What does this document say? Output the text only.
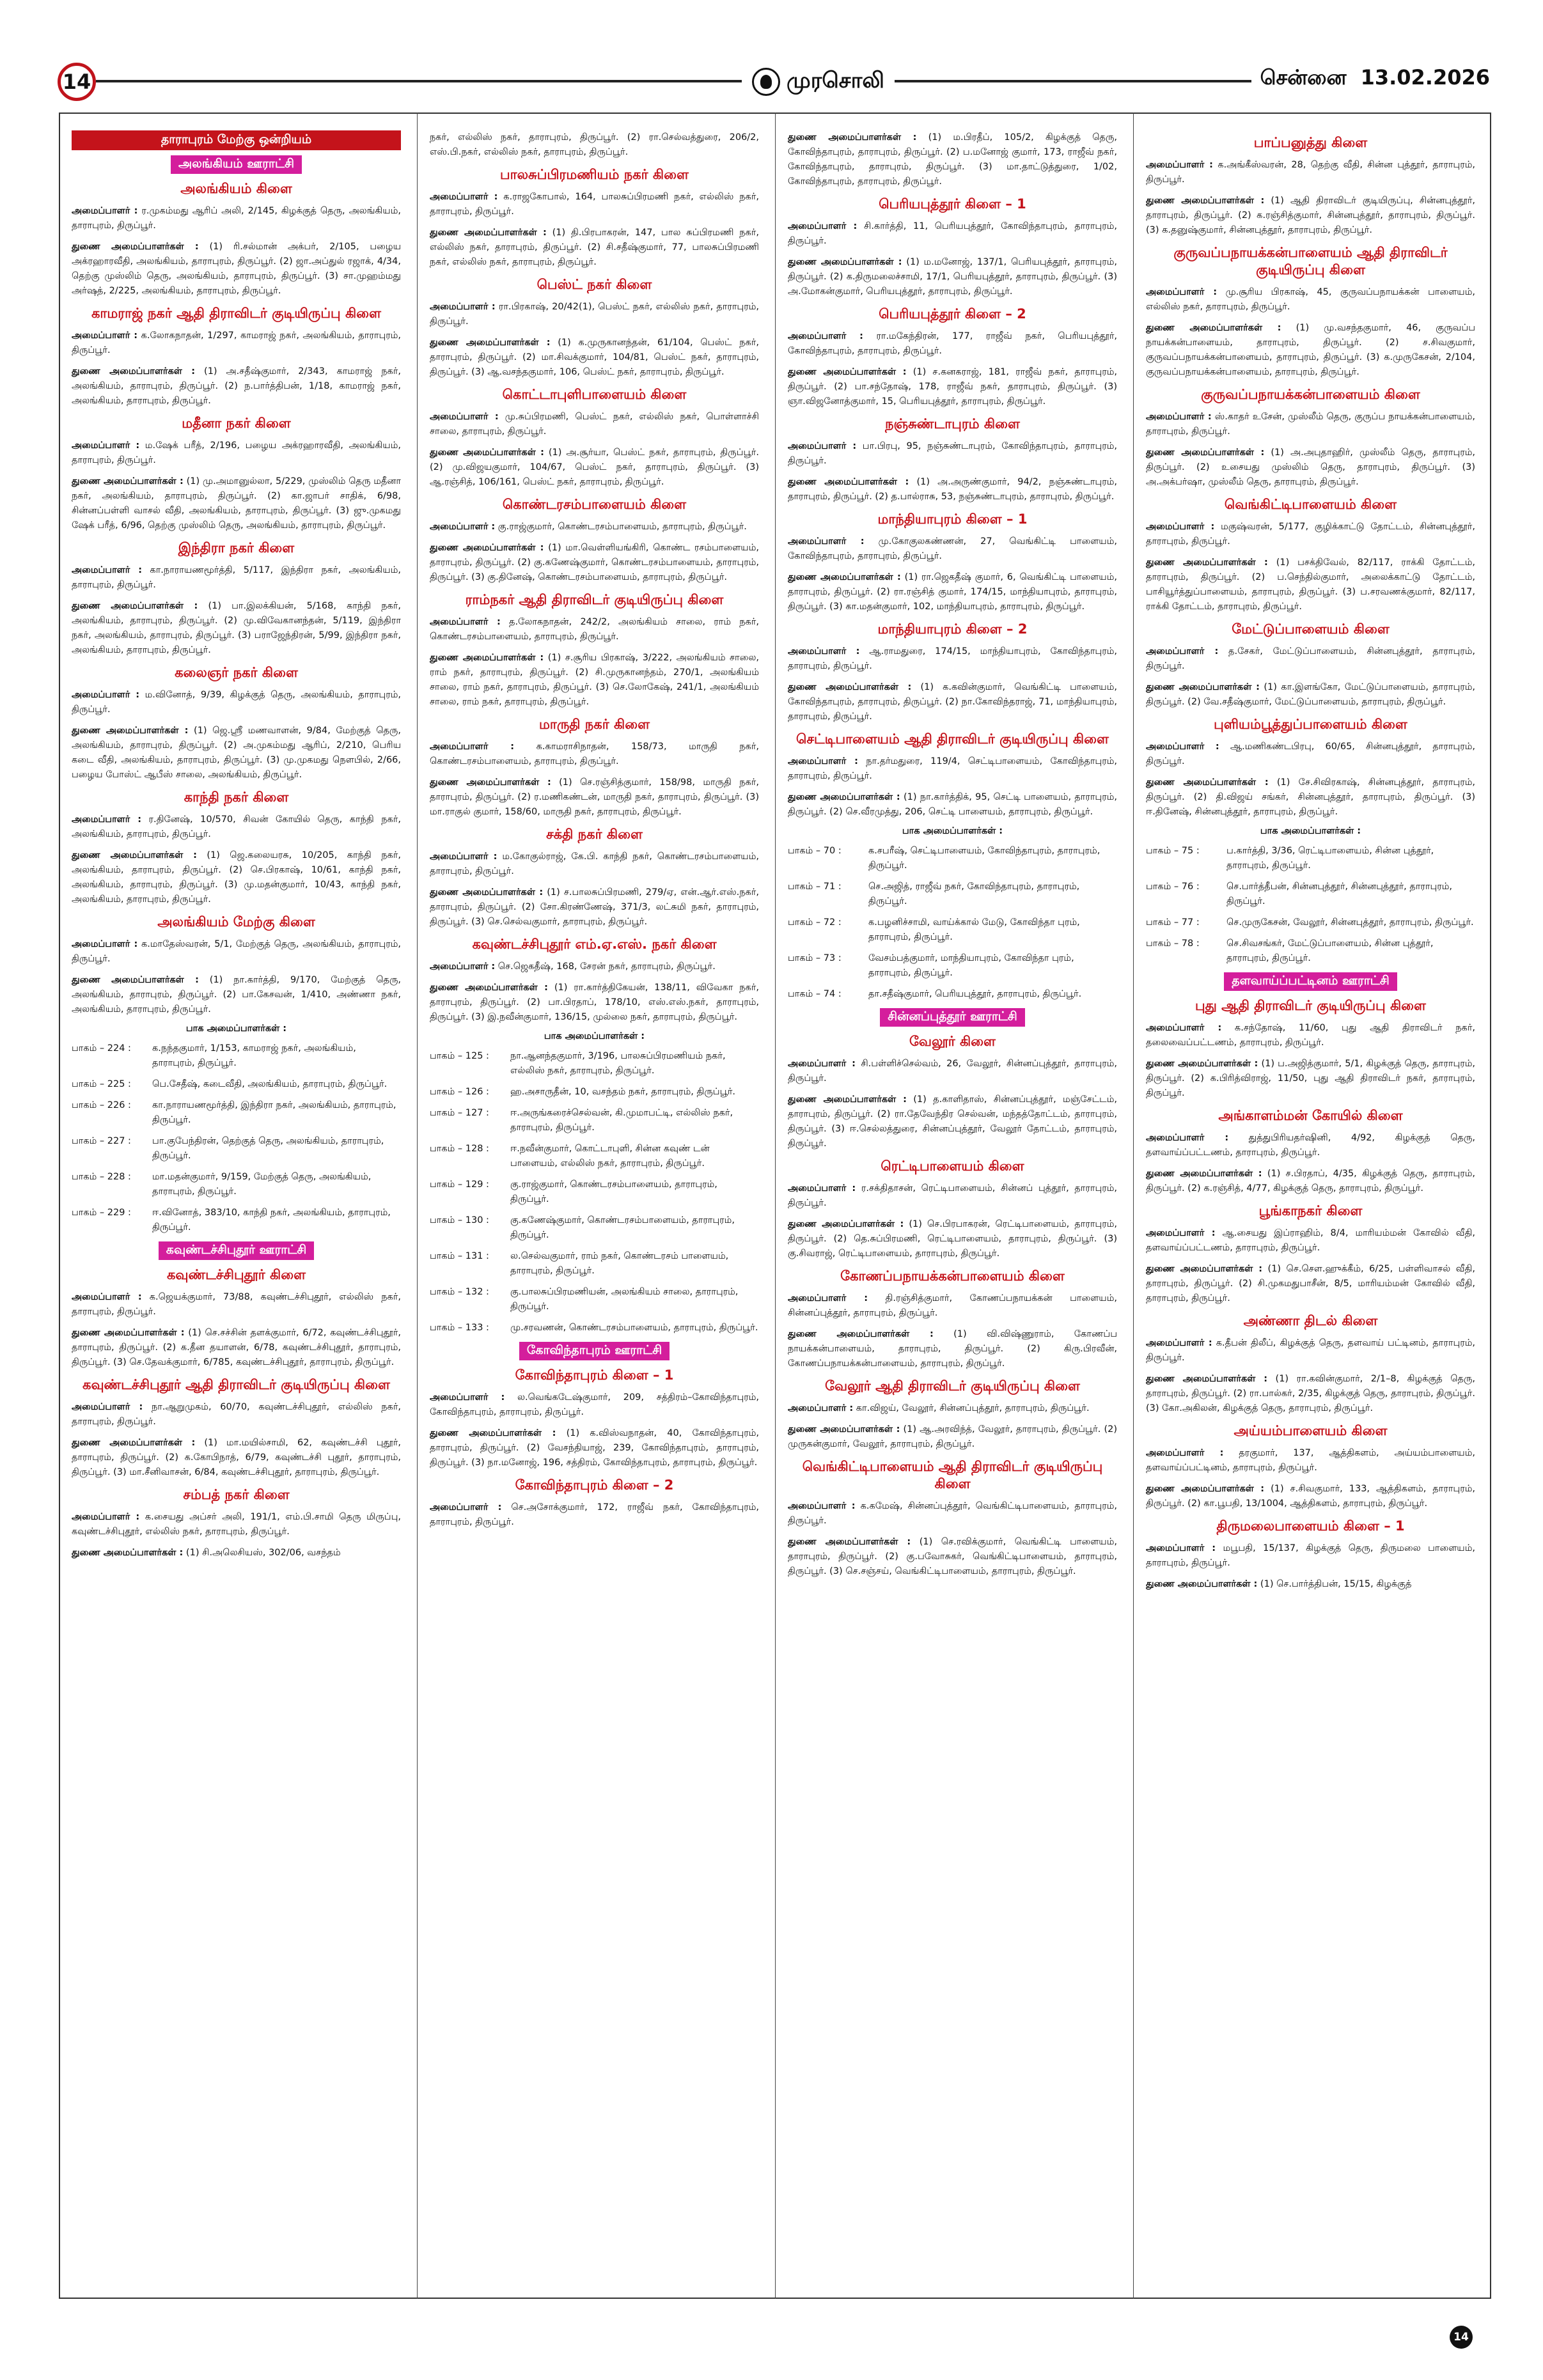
14	முரசொலி	சென்னை 13.02.2026
தாராபுரம் மேற்கு ஒன்றியம்
அலங்கியம் ஊராட்சி
அலங்கியம் கிளை

அமைப்பாளர் : ர.முகம்மது ஆரிப் அலி, 2/145, கிழக்குத் தெரு, அலங்கியம், தாராபுரம், திருப்பூர்.

துணை அமைப்பாளர்கள் : (1) ரி.சல்மான் அக்பர், 2/105, பழைய அக்ரஹாரவீதி, அலங்கியம், தாராபுரம், திருப்பூர். (2) ஜா.அப்துல் ரஜாக், 4/34, தெற்கு முஸ்லிம் தெரு, அலங்கியம், தாராபுரம், திருப்பூர். (3) சா.முஹம்மது அர்ஷத், 2/225, அலங்கியம், தாராபுரம், திருப்பூர்.

காமராஜ் நகர் ஆதி திராவிடர் குடியிருப்பு கிளை

அமைப்பாளர் : க.லோகநாதன், 1/297, காமராஜ் நகர், அலங்கியம், தாராபுரம், திருப்பூர்.

துணை அமைப்பாளர்கள் : (1) அ.சதீஷ்குமார், 2/343, காமராஜ் நகர், அலங்கியம், தாராபுரம், திருப்பூர். (2) ந.பார்த்திபன், 1/18, காமராஜ் நகர், அலங்கியம், தாராபுரம், திருப்பூர்.

மதீனா நகர் கிளை

அமைப்பாளர் : ம.ஷேக் பரீத், 2/196, பழைய அக்ரஹாரவீதி, அலங்கியம், தாராபுரம், திருப்பூர்.

துணை அமைப்பாளர்கள் : (1) மு.அமானுல்லா, 5/229, முஸ்லிம் தெரு மதீனா நகர், அலங்கியம், தாராபுரம், திருப்பூர். (2) கா.ஜாபர் சாதிக், 6/98, சின்னப்பள்ளி வாசல் வீதி, அலங்கியம், தாராபுரம், திருப்பூர். (3) ஜு.முகமது ஷேக் பரீத், 6/96, தெற்கு முஸ்லிம் தெரு, அலங்கியம், தாராபுரம், திருப்பூர்.

இந்திரா நகர் கிளை

அமைப்பாளர் : கா.நாராயணமூர்த்தி, 5/117, இந்திரா நகர், அலங்கியம், தாராபுரம், திருப்பூர்.

துணை அமைப்பாளர்கள் : (1) பா.இலக்கியன், 5/168, காந்தி நகர், அலங்கியம், தாராபுரம், திருப்பூர். (2) மு.விவேகானந்தன், 5/119, இந்திரா நகர், அலங்கியம், தாராபுரம், திருப்பூர். (3) பராஜேந்திரன், 5/99, இந்திரா நகர், அலங்கியம், தாராபுரம், திருப்பூர்.

கலைஞர் நகர் கிளை

அமைப்பாளர் : ம.வினோத், 9/39, கிழக்குத் தெரு, அலங்கியம், தாராபுரம், திருப்பூர்.

துணை அமைப்பாளர்கள் : (1) ஜெ.ஸ்ரீ மணவாளன், 9/84, மேற்குத் தெரு, அலங்கியம், தாராபுரம், திருப்பூர். (2) அ.முகம்மது ஆரிப், 2/210, பெரிய கடை வீதி, அலங்கியம், தாராபுரம், திருப்பூர். (3) மு.முகமது நௌபில், 2/66, பழைய போஸ்ட் ஆபீஸ் சாலை, அலங்கியம், திருப்பூர்.

காந்தி நகர் கிளை

அமைப்பாளர் : ர.தினேஷ், 10/570, சிவன் கோயில் தெரு, காந்தி நகர், அலங்கியம், தாராபுரம், திருப்பூர்.

துணை அமைப்பாளர்கள் : (1) ஜெ.கலையரசு, 10/205, காந்தி நகர், அலங்கியம், தாராபுரம், திருப்பூர். (2) செ.பிரகாஷ், 10/61, காந்தி நகர், அலங்கியம், தாராபுரம், திருப்பூர். (3) மு.மதன்குமார், 10/43, காந்தி நகர், அலங்கியம், தாராபுரம், திருப்பூர்.

அலங்கியம் மேற்கு கிளை

அமைப்பாளர் : க.மாதேஸ்வரன், 5/1, மேற்குத் தெரு, அலங்கியம், தாராபுரம், திருப்பூர்.

துணை அமைப்பாளர்கள் : (1) நா.கார்த்தி, 9/170, மேற்குத் தெரு, அலங்கியம், தாராபுரம், திருப்பூர். (2) பா.கேசவன், 1/410, அண்ணா நகர், அலங்கியம், தாராபுரம், திருப்பூர்.

பாக அமைப்பாளர்கள் :
பாகம் – 224 :	க.நந்தகுமார், 1/153, காமராஜ் நகர், அலங்கியம், தாராபுரம், திருப்பூர்.
பாகம் – 225 :	பெ.சேதீஷ், கடைவீதி, அலங்கியம், தாராபுரம், திருப்பூர்.
பாகம் – 226 :	கா.நாராயணமூர்த்தி, இந்திரா நகர், அலங்கியம், தாராபுரம், திருப்பூர்.
பாகம் – 227 :	பா.குபேந்திரன், தெற்குத் தெரு, அலங்கியம், தாராபுரம், திருப்பூர்.
பாகம் – 228 :	மா.மதன்குமார், 9/159, மேற்குத் தெரு, அலங்கியம், தாராபுரம், திருப்பூர்.
பாகம் – 229 :	ஈ.வினோத், 383/10, காந்தி நகர், அலங்கியம், தாராபுரம், திருப்பூர்.
கவுண்டச்சிபுதூர் ஊராட்சி
கவுண்டச்சிபுதூர் கிளை

அமைப்பாளர் : க.ஜெயக்குமார், 73/88, கவுண்டச்சிபுதூர், எல்லிஸ் நகர், தாராபுரம், திருப்பூர்.

துணை அமைப்பாளர்கள் : (1) செ.சச்சின் தளக்குமார், 6/72, கவுண்டச்சிபுதூர், தாராபுரம், திருப்பூர். (2) க.தீன தயாளன், 6/78, கவுண்டச்சிபுதூர், தாராபுரம், திருப்பூர். (3) செ.தேவக்குமார், 6/785, கவுண்டச்சிபுதூர், தாராபுரம், திருப்பூர்.

கவுண்டச்சிபுதூர் ஆதி திராவிடர் குடியிருப்பு கிளை

அமைப்பாளர் : நா.ஆறுமுகம், 60/70, கவுண்டச்சிபுதூர், எல்லிஸ் நகர், தாராபுரம், திருப்பூர்.

துணை அமைப்பாளர்கள் : (1) மா.மயில்சாமி, 62, கவுண்டச்சி புதூர், தாராபுரம், திருப்பூர். (2) க.கோபிநாத், 6/79, கவுண்டச்சி புதூர், தாராபுரம், திருப்பூர். (3) மா.சீனிவாசன், 6/84, கவுண்டச்சிபுதூர், தாராபுரம், திருப்பூர்.

சம்பத் நகர் கிளை

அமைப்பாளர் : க.சையது அப்சர் அலி, 191/1, எம்.பி.சாமி தெரு மிருப்பு, கவுண்டச்சிபுதூர், எல்லிஸ் நகர், தாராபுரம், திருப்பூர்.

துணை அமைப்பாளர்கள் : (1) சி.அலெசியஸ், 302/06, வசந்தம்

நகர், எல்லிஸ் நகர், தாராபுரம், திருப்பூர். (2) ரா.செல்வத்துரை, 206/2, எஸ்.பி.நகர், எல்லிஸ் நகர், தாராபுரம், திருப்பூர்.

பாலசுப்பிரமணியம் நகர் கிளை

அமைப்பாளர் : க.ராஜகோபால், 164, பாலசுப்பிரமணி நகர், எல்லிஸ் நகர், தாராபுரம், திருப்பூர்.

துணை அமைப்பாளர்கள் : (1) தி.பிரபாகரன், 147, பால சுப்பிரமணி நகர், எல்லிஸ் நகர், தாராபுரம், திருப்பூர். (2) சி.சதீஷ்குமார், 77, பாலசுப்பிரமணி நகர், எல்லிஸ் நகர், தாராபுரம், திருப்பூர்.

பெஸ்ட் நகர் கிளை

அமைப்பாளர் : ரா.பிரகாஷ், 20/42(1), பெஸ்ட் நகர், எல்லிஸ் நகர், தாராபுரம், திருப்பூர்.

துணை அமைப்பாளர்கள் : (1) க.முருகானந்தன், 61/104, பெஸ்ட் நகர், தாராபுரம், திருப்பூர். (2) மா.சிவக்குமார், 104/81, பெஸ்ட் நகர், தாராபுரம், திருப்பூர். (3) ஆ.வசந்தகுமார், 106, பெஸ்ட் நகர், தாராபுரம், திருப்பூர்.

கொட்டாபுளிபாளையம் கிளை

அமைப்பாளர் : மு.சுப்பிரமணி, பெஸ்ட் நகர், எல்லிஸ் நகர், பொள்ளாச்சி சாலை, தாராபுரம், திருப்பூர்.

துணை அமைப்பாளர்கள் : (1) அ.சூர்யா, பெஸ்ட் நகர், தாராபுரம், திருப்பூர். (2) மு.விஜயகுமார், 104/67, பெஸ்ட் நகர், தாராபுரம், திருப்பூர். (3) ஆ.ரஞ்சித், 106/161, பெஸ்ட் நகர், தாராபுரம், திருப்பூர்.

கொண்டரசம்பாளையம் கிளை

அமைப்பாளர் : கு.ராஜ்குமார், கொண்டரசம்பாளையம், தாராபுரம், திருப்பூர்.

துணை அமைப்பாளர்கள் : (1) மா.வெள்ளியங்கிரி, கொண்ட ரசம்பாளையம், தாராபுரம், திருப்பூர். (2) கு.கணேஷ்குமார், கொண்டரசம்பாளையம், தாராபுரம், திருப்பூர். (3) கு.தினேஷ், கொண்டரசம்பாளையம், தாராபுரம், திருப்பூர்.

ராம்நகர் ஆதி திராவிடர் குடியிருப்பு கிளை

அமைப்பாளர் : த.லோகநாதன், 242/2, அலங்கியம் சாலை, ராம் நகர், கொண்டரசம்பாளையம், தாராபுரம், திருப்பூர்.

துணை அமைப்பாளர்கள் : (1) ச.சூரிய பிரகாஷ், 3/222, அலங்கியம் சாலை, ராம் நகர், தாராபுரம், திருப்பூர். (2) சி.முருகானந்தம், 270/1, அலங்கியம் சாலை, ராம் நகர், தாராபுரம், திருப்பூர். (3) செ.லோகேஷ், 241/1, அலங்கியம் சாலை, ராம் நகர், தாராபுரம், திருப்பூர்.

மாருதி நகர் கிளை

அமைப்பாளர் : க.காமராசிநாதன், 158/73, மாருதி நகர், கொண்டரசம்பாளையம், தாராபுரம், திருப்பூர்.

துணை அமைப்பாளர்கள் : (1) செ.ரஞ்சித்குமார், 158/98, மாருதி நகர், தாராபுரம், திருப்பூர். (2) ர.மணிகண்டன், மாருதி நகர், தாராபுரம், திருப்பூர். (3) மா.ராகுல் குமார், 158/60, மாருதி நகர், தாராபுரம், திருப்பூர்.

சக்தி நகர் கிளை

அமைப்பாளர் : ம.கோகுல்ராஜ், கே.பி. காந்தி நகர், கொண்டரசம்பாளையம், தாராபுரம், திருப்பூர்.

துணை அமைப்பாளர்கள் : (1) ச.பாலசுப்பிரமணி, 279/ஏ, என்.ஆர்.எஸ்.நகர், தாராபுரம், திருப்பூர். (2) சோ.கிரண்ணேஷ், 371/3, லட்சுமி நகர், தாராபுரம், திருப்பூர். (3) செ.செல்வகுமார், தாராபுரம், திருப்பூர்.

கவுண்டச்சிபுதூர் எம்.ஏ.எஸ். நகர் கிளை

அமைப்பாளர் : செ.ஜெகதீஷ், 168, சேரன் நகர், தாராபுரம், திருப்பூர்.

துணை அமைப்பாளர்கள் : (1) ரா.கார்த்திகேயன், 138/11, விவேகா நகர், தாராபுரம், திருப்பூர். (2) பா.பிரதாப், 178/10, எஸ்.எஸ்.நகர், தாராபுரம், திருப்பூர். (3) இ.நவீன்குமார், 136/15, முல்லை நகர், தாராபுரம், திருப்பூர்.

பாக அமைப்பாளர்கள் :
பாகம் – 125 :	நா.ஆனந்தகுமார், 3/196, பாலசுப்பிரமணியம் நகர், எல்லிஸ் நகர், தாராபுரம், திருப்பூர்.
பாகம் – 126 :	ஹ.அசாருதீன், 10, வசந்தம் நகர், தாராபுரம், திருப்பூர்.
பாகம் – 127 :	ஈ.அருங்கரைச்செல்வன், கி.முமாபட்டி, எல்லிஸ் நகர், தாராபுரம், திருப்பூர்.
பாகம் – 128 :	ஈ.நவீன்குமார், கொட்டாபுளி, சின்ன கவுண் டன் பாளையம், எல்லிஸ் நகர், தாராபுரம், திருப்பூர்.
பாகம் – 129 :	கு.ராஜ்குமார், கொண்டரசம்பாளையம், தாராபுரம், திருப்பூர்.
பாகம் – 130 :	கு.கணேஷ்குமார், கொண்டரசம்பாளையம், தாராபுரம், திருப்பூர்.
பாகம் – 131 :	ல.செல்வகுமார், ராம் நகர், கொண்டரசம் பாளையம், தாராபுரம், திருப்பூர்.
பாகம் – 132 :	கு.பாலசுப்பிரமணியன், அலங்கியம் சாலை, தாராபுரம், திருப்பூர்.
பாகம் – 133 :	மு.சரவணன், கொண்டரசம்பாளையம், தாராபுரம், திருப்பூர்.
கோவிந்தாபுரம் ஊராட்சி
கோவிந்தாபுரம் கிளை – 1

அமைப்பாளர் : ல.வெங்கடேஷ்குமார், 209, சத்திரம்–கோவிந்தாபுரம், கோவிந்தாபுரம், தாராபுரம், திருப்பூர்.

துணை அமைப்பாளர்கள் : (1) க.விஸ்வநாதன், 40, கோவிந்தாபுரம், தாராபுரம், திருப்பூர். (2) வேசந்தியாஜ், 239, கோவிந்தாபுரம், தாராபுரம், திருப்பூர். (3) நா.மனோஜ், 196, சத்திரம், கோவிந்தாபுரம், தாராபுரம், திருப்பூர்.

கோவிந்தாபுரம் கிளை – 2

அமைப்பாளர் : செ.அசோக்குமார், 172, ராஜீவ் நகர், கோவிந்தாபுரம், தாராபுரம், திருப்பூர்.

துணை அமைப்பாளர்கள் : (1) ம.பிரதீப், 105/2, கிழக்குத் தெரு, கோவிந்தாபுரம், தாராபுரம், திருப்பூர். (2) ப.மனோஜ் குமார், 173, ராஜீவ் நகர், கோவிந்தாபுரம், தாராபுரம், திருப்பூர். (3) மா.தாட்டுத்துரை, 1/02, கோவிந்தாபுரம், தாராபுரம், திருப்பூர்.

பெரியபுத்தூர் கிளை – 1

அமைப்பாளர் : சி.கார்த்தி, 11, பெரியபுத்தூர், கோவிந்தாபுரம், தாராபுரம், திருப்பூர்.

துணை அமைப்பாளர்கள் : (1) ம.மனோஜ், 137/1, பெரியபுத்தூர், தாராபுரம், திருப்பூர். (2) க.திருமலைச்சாமி, 17/1, பெரியபுத்தூர், தாராபுரம், திருப்பூர். (3) அ.மோகன்குமார், பெரியபுத்தூர், தாராபுரம், திருப்பூர்.

பெரியபுத்தூர் கிளை – 2

அமைப்பாளர் : ரா.மகேந்திரன், 177, ராஜீவ் நகர், பெரியபுத்தூர், கோவிந்தாபுரம், தாராபுரம், திருப்பூர்.

துணை அமைப்பாளர்கள் : (1) ச.கனகராஜ், 181, ராஜீவ் நகர், தாராபுரம், திருப்பூர். (2) பா.சந்தோஷ், 178, ராஜீவ் நகர், தாராபுரம், திருப்பூர். (3) ஞா.விஜனோத்குமார், 15, பெரியபுத்தூர், தாராபுரம், திருப்பூர்.

நஞ்சுண்டாபுரம் கிளை

அமைப்பாளர் : பா.பிரபு, 95, நஞ்சுண்டாபுரம், கோவிந்தாபுரம், தாராபுரம், திருப்பூர்.

துணை அமைப்பாளர்கள் : (1) அ.அருண்குமார், 94/2, நஞ்சுண்டாபுரம், தாராபுரம், திருப்பூர். (2) த.பால்ராசு, 53, நஞ்சுண்டாபுரம், தாராபுரம், திருப்பூர்.

மாந்தியாபுரம் கிளை – 1

அமைப்பாளர் : மு.கோகுலகண்ணன், 27, வெங்கிட்டி பாளையம், கோவிந்தாபுரம், தாராபுரம், திருப்பூர்.

துணை அமைப்பாளர்கள் : (1) ரா.ஜெகதீஷ் குமார், 6, வெங்கிட்டி பாளையம், தாராபுரம், திருப்பூர். (2) ரா.ரஞ்சித் குமார், 174/15, மாந்தியாபுரம், தாராபுரம், திருப்பூர். (3) கா.மதன்குமார், 102, மாந்தியாபுரம், தாராபுரம், திருப்பூர்.

மாந்தியாபுரம் கிளை – 2

அமைப்பாளர் : ஆ.ராமதுரை, 174/15, மாந்தியாபுரம், கோவிந்தாபுரம், தாராபுரம், திருப்பூர்.

துணை அமைப்பாளர்கள் : (1) க.கவின்குமார், வெங்கிட்டி பாளையம், கோவிந்தாபுரம், தாராபுரம், திருப்பூர். (2) நா.கோவிந்தராஜ், 71, மாந்தியாபுரம், தாராபுரம், திருப்பூர்.

செட்டிபாளையம் ஆதி திராவிடர் குடியிருப்பு கிளை

அமைப்பாளர் : நா.தர்மதுரை, 119/4, செட்டிபாளையம், கோவிந்தாபுரம், தாராபுரம், திருப்பூர்.

துணை அமைப்பாளர்கள் : (1) நா.கார்த்திக், 95, செட்டி பாளையம், தாராபுரம், திருப்பூர். (2) செ.வீரமுத்து, 206, செட்டி பாளையம், தாராபுரம், திருப்பூர்.

பாக அமைப்பாளர்கள் :
பாகம் – 70 :	க.சபரீஷ், செட்டிபாளையம், கோவிந்தாபுரம், தாராபுரம், திருப்பூர்.
பாகம் – 71 :	செ.அஜித், ராஜீவ் நகர், கோவிந்தாபுரம், தாராபுரம், திருப்பூர்.
பாகம் – 72 :	க.பழனிச்சாமி, வாய்க்கால் மேடு, கோவிந்தா புரம், தாராபுரம், திருப்பூர்.
பாகம் – 73 :	வேசம்பத்குமார், மாந்தியாபுரம், கோவிந்தா புரம், தாராபுரம், திருப்பூர்.
பாகம் – 74 :	தா.சதீஷ்குமார், பெரியபுத்தூர், தாராபுரம், திருப்பூர்.
சின்னப்புத்தூர் ஊராட்சி
வேலூர் கிளை

அமைப்பாளர் : சி.பள்ளிச்செல்வம், 26, வேலூர், சின்னப்புத்தூர், தாராபுரம், திருப்பூர்.

துணை அமைப்பாளர்கள் : (1) த.காளிதாஸ், சின்னப்புத்தூர், மஞ்சேட்டம், தாராபுரம், திருப்பூர். (2) ரா.தேவேந்திர செல்வன், மந்தத்தோட்டம், தாராபுரம், திருப்பூர். (3) ஈ.செல்லத்துரை, சின்னப்புத்தூர், வேலூர் தோட்டம், தாராபுரம், திருப்பூர்.

ரெட்டிபாளையம் கிளை

அமைப்பாளர் : ர.சக்திதாசன், ரெட்டிபாளையம், சின்னப் புத்தூர், தாராபுரம், திருப்பூர்.

துணை அமைப்பாளர்கள் : (1) செ.பிரபாகரன், ரெட்டிபாளையம், தாராபுரம், திருப்பூர். (2) தெ.சுப்பிரமணி, ரெட்டிபாளையம், தாராபுரம், திருப்பூர். (3) கு.சிவராஜ், ரெட்டிபாளையம், தாராபுரம், திருப்பூர்.

கோணப்பநாயக்கன்பாளையம் கிளை

அமைப்பாளர் : தி.ரஞ்சித்குமார், கோணப்பநாயக்கன் பாளையம், சின்னப்புத்தூர், தாராபுரம், திருப்பூர்.

துணை அமைப்பாளர்கள் : (1) வி.விஷ்ணுராம், கோணப்ப நாயக்கன்பாளையம், தாராபுரம், திருப்பூர். (2) கிரு.பிரவீன், கோணப்பநாயக்கன்பாளையம், தாராபுரம், திருப்பூர்.

வேலூர் ஆதி திராவிடர் குடியிருப்பு கிளை

அமைப்பாளர் : கா.விஜய், வேலூர், சின்னப்புத்தூர், தாராபுரம், திருப்பூர்.

துணை அமைப்பாளர்கள் : (1) ஆ.அரவிந்த், வேலூர், தாராபுரம், திருப்பூர். (2) முருகன்குமார், வேலூர், தாராபுரம், திருப்பூர்.

வெங்கிட்டிபாளையம் ஆதி திராவிடர் குடியிருப்பு கிளை

அமைப்பாளர் : க.கமேஷ், சின்னப்புத்தூர், வெங்கிட்டிபாளையம், தாராபுரம், திருப்பூர்.

துணை அமைப்பாளர்கள் : (1) செ.ரவிக்குமார், வெங்கிட்டி பாளையம், தாராபுரம், திருப்பூர். (2) கு.பவோசுகர், வெங்கிட்டிபாளையம், தாராபுரம், திருப்பூர். (3) செ.சஞ்சய், வெங்கிட்டிபாளையம், தாராபுரம், திருப்பூர்.

பாப்பனுத்து கிளை

அமைப்பாளர் : க.அங்கீஸ்வரன், 28, தெற்கு வீதி, சின்ன புத்தூர், தாராபுரம், திருப்பூர்.

துணை அமைப்பாளர்கள் : (1) ஆதி திராவிடர் குடியிருப்பு, சின்னபுத்தூர், தாராபுரம், திருப்பூர். (2) க.ரஞ்சித்குமார், சின்னபுத்தூர், தாராபுரம், திருப்பூர். (3) க.தனுஷ்குமார், சின்னபுத்தூர், தாராபுரம், திருப்பூர்.

குருவப்பநாயக்கன்பாளையம் ஆதி திராவிடர் குடியிருப்பு கிளை

அமைப்பாளர் : மு.சூரிய பிரகாஷ், 45, குருவப்பநாயக்கன் பாளையம், எல்லிஸ் நகர், தாராபுரம், திருப்பூர்.

துணை அமைப்பாளர்கள் : (1) மு.வசந்தகுமார், 46, குருவப்ப நாயக்கன்பாளையம், தாராபுரம், திருப்பூர். (2) ச.சிவகுமார், குருவப்பநாயக்கன்பாளையம், தாராபுரம், திருப்பூர். (3) க.முருகேசன், 2/104, குருவப்பநாயக்கன்பாளையம், தாராபுரம், திருப்பூர்.

குருவப்பநாயக்கன்பாளையம் கிளை

அமைப்பாளர் : ஸ்.காதர் உசேன், முஸ்லீம் தெரு, குருப்ப நாயக்கன்பாளையம், தாராபுரம், திருப்பூர்.

துணை அமைப்பாளர்கள் : (1) அ.அபுதாஹிர், முஸ்லீம் தெரு, தாராபுரம், திருப்பூர். (2) உசையது முஸ்லிம் தெரு, தாராபுரம், திருப்பூர். (3) அ.அக்பர்ஷா, முஸ்லீம் தெரு, தாராபுரம், திருப்பூர்.

வெங்கிட்டிபாளையம் கிளை

அமைப்பாளர் : மகுஷ்வரன், 5/177, குழிக்காட்டு தோட்டம், சின்னபுத்தூர், தாராபுரம், திருப்பூர்.

துணை அமைப்பாளர்கள் : (1) பசக்திவேல், 82/117, ராக்கி தோட்டம், தாராபுரம், திருப்பூர். (2) ப.செந்தில்குமார், அலைக்காட்டு தோட்டம், பாசியூர்த்துப்பாளையம், தாராபுரம், திருப்பூர். (3) ப.சரவணக்குமார், 82/117, ராக்கி தோட்டம், தாராபுரம், திருப்பூர்.

மேட்டுப்பாளையம் கிளை

அமைப்பாளர் : த.சேகர், மேட்டுப்பாளையம், சின்னபுத்தூர், தாராபுரம், திருப்பூர்.

துணை அமைப்பாளர்கள் : (1) கா.இளங்கோ, மேட்டுப்பாளையம், தாராபுரம், திருப்பூர். (2) வே.சதீஷ்குமார், மேட்டுப்பாளையம், தாராபுரம், திருப்பூர்.

புளியம்பூத்துப்பாளையம் கிளை

அமைப்பாளர் : ஆ.மணிகண்டபிரபு, 60/65, சின்னபுத்தூர், தாராபுரம், திருப்பூர்.

துணை அமைப்பாளர்கள் : (1) சே.சிவிரகாஷ், சின்னபுத்தூர், தாராபுரம், திருப்பூர். (2) தி.விஜய் சங்கர், சின்னபுத்தூர், தாராபுரம், திருப்பூர். (3) ஈ.தினேஷ், சின்னபுத்தூர், தாராபுரம், திருப்பூர்.

பாக அமைப்பாளர்கள் :
பாகம் – 75 :	ப.கார்த்தி, 3/36, ரெட்டிபாளையம், சின்ன புத்தூர், தாராபுரம், திருப்பூர்.
பாகம் – 76 :	செ.பார்த்தீபன், சின்னபுத்தூர், சின்னபுத்தூர், தாராபுரம், திருப்பூர்.
பாகம் – 77 :	செ.முருகேசன், வேலூர், சின்னபுத்தூர், தாராபுரம், திருப்பூர்.
பாகம் – 78 :	செ.சிவசங்கர், மேட்டுப்பாளையம், சின்ன புத்தூர், தாராபுரம், திருப்பூர்.
தளவாய்ப்பட்டினம் ஊராட்சி
புது ஆதி திராவிடர் குடியிருப்பு கிளை

அமைப்பாளர் : க.சந்தோஷ், 11/60, புது ஆதி திராவிடர் நகர், தலைவைப்பட்டணம், தாராபுரம், திருப்பூர்.

துணை அமைப்பாளர்கள் : (1) ப.அஜித்குமார், 5/1, கிழக்குத் தெரு, தாராபுரம், திருப்பூர். (2) க.பிரித்விராஜ், 11/50, புது ஆதி திராவிடர் நகர், தாராபுரம், திருப்பூர்.

அங்காளம்மன் கோயில் கிளை

அமைப்பாளர் : துத்துபிரியதர்ஷினி, 4/92, கிழக்குத் தெரு, தளவாய்ப்பட்டணம், தாராபுரம், திருப்பூர்.

துணை அமைப்பாளர்கள் : (1) ச.பிரதாப், 4/35, கிழக்குத் தெரு, தாராபுரம், திருப்பூர். (2) க.ரஞ்சித், 4/77, கிழக்குத் தெரு, தாராபுரம், திருப்பூர்.

பூங்காநகர் கிளை

அமைப்பாளர் : ஆ.சையது இப்ராஹிம், 8/4, மாரியம்மன் கோவில் வீதி, தளவாய்ப்பட்டணம், தாராபுரம், திருப்பூர்.

துணை அமைப்பாளர்கள் : (1) செ.செள.ஹுக்கீம், 6/25, பள்ளிவாசல் வீதி, தாராபுரம், திருப்பூர். (2) சி.முகமதுபாசீன், 8/5, மாரியம்மன் கோவில் வீதி, தாராபுரம், திருப்பூர்.

அண்ணா திடல் கிளை

அமைப்பாளர் : க.தீபன் திலீப், கிழக்குத் தெரு, தளவாய் பட்டினம், தாராபுரம், திருப்பூர்.

துணை அமைப்பாளர்கள் : (1) ரா.கவின்குமார், 2/1–8, கிழக்குத் தெரு, தாராபுரம், திருப்பூர். (2) ரா.பால்கர், 2/35, கிழக்குத் தெரு, தாராபுரம், திருப்பூர். (3) கோ.அகிலன், கிழக்குத் தெரு, தாராபுரம், திருப்பூர்.

அய்யம்பாளையம் கிளை

அமைப்பாளர் : தரகுமார், 137, ஆத்திகளம், அய்யம்பாளையம், தளவாய்ப்பட்டினம், தாராபுரம், திருப்பூர்.

துணை அமைப்பாளர்கள் : (1) ச.சிவகுமார், 133, ஆத்திகளம், தாராபுரம், திருப்பூர். (2) கா.பூபதி, 13/1004, ஆத்திகளம், தாராபுரம், திருப்பூர்.

திருமலைபாளையம் கிளை – 1

அமைப்பாளர் : மபூபதி, 15/137, கிழக்குத் தெரு, திருமலை பாளையம், தாராபுரம், திருப்பூர்.

துணை அமைப்பாளர்கள் : (1) செ.பார்த்திபன், 15/15, கிழக்குத்

14
